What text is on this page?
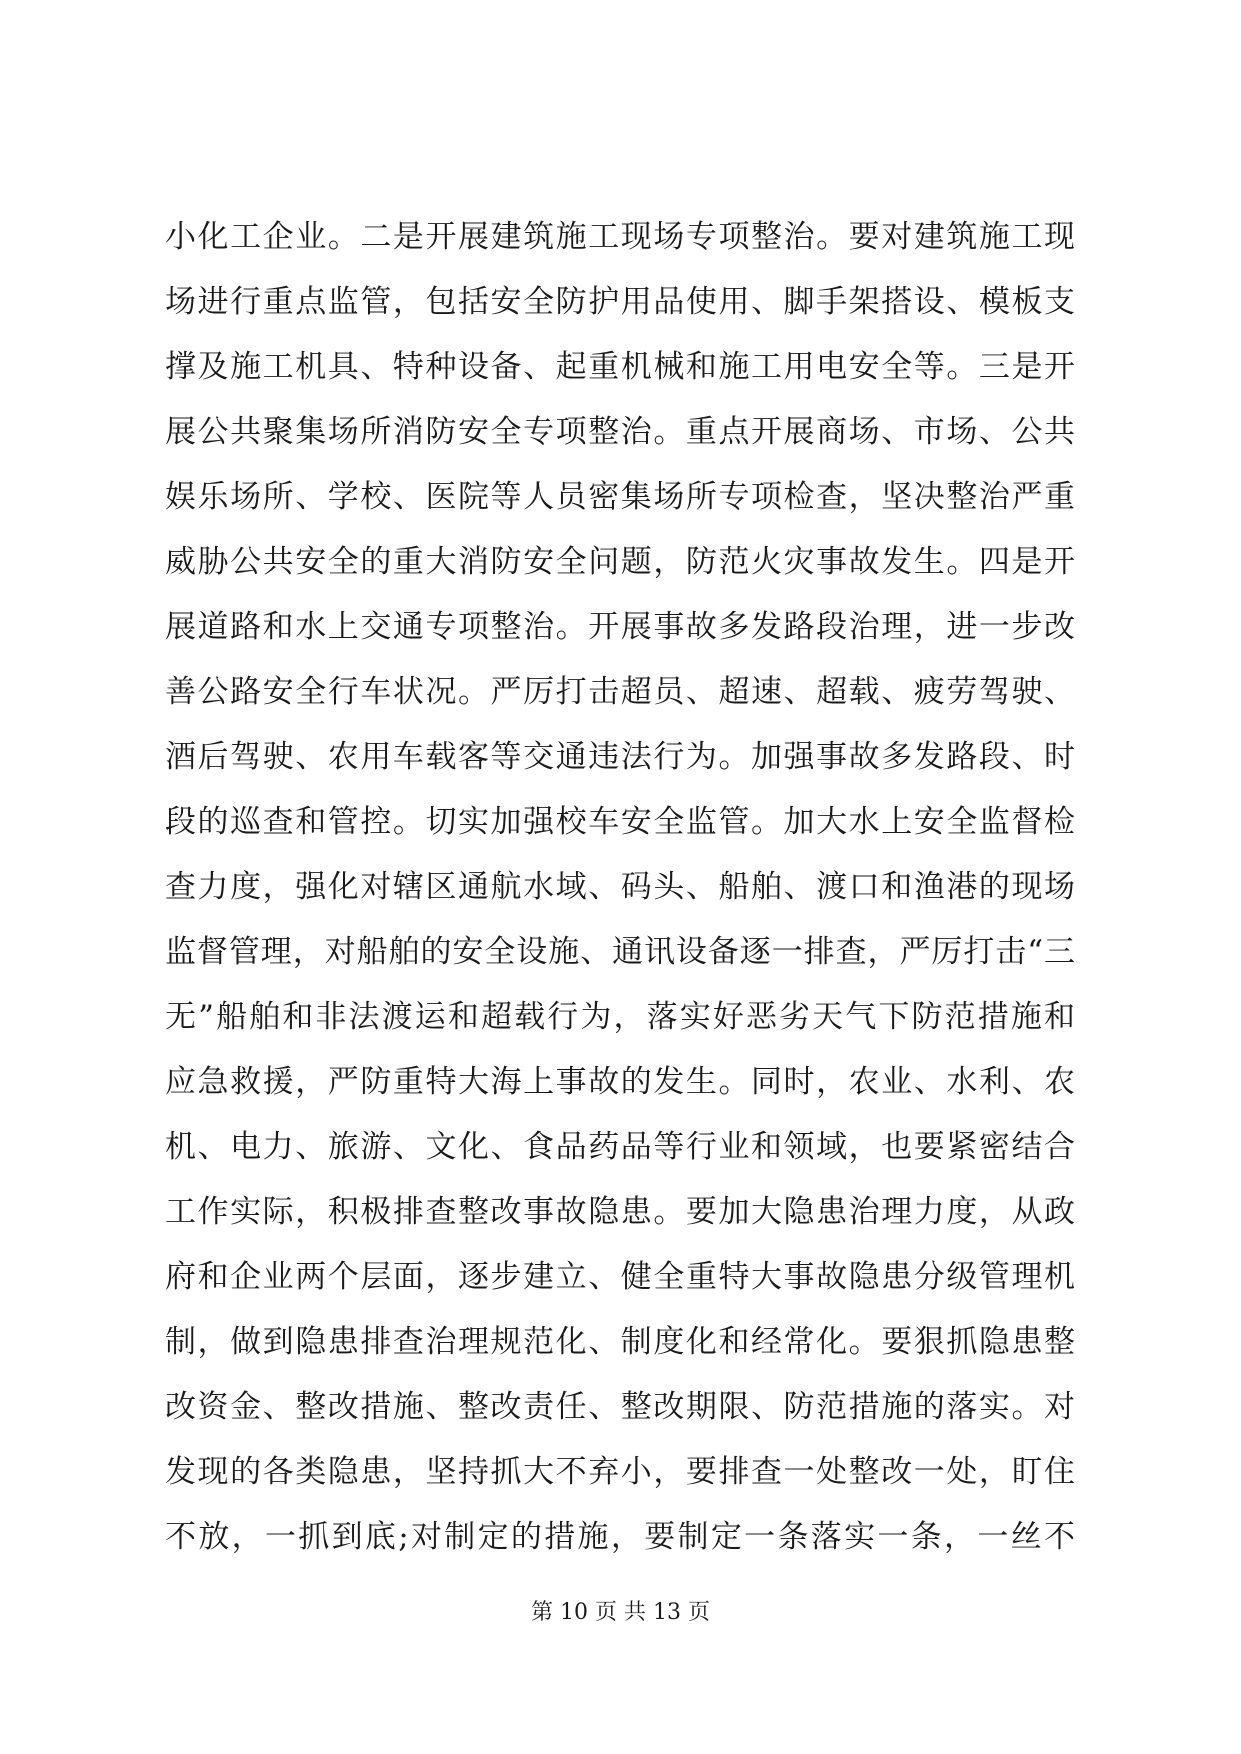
小化工企业。二是开展建筑施工现场专项整治。要对建筑施工现
场进行重点监管，包括安全防护用品使用、脚手架搭设、模板支
撑及施工机具、特种设备、起重机械和施工用电安全等。三是开
展公共聚集场所消防安全专项整治。重点开展商场、市场、公共
娱乐场所、学校、医院等人员密集场所专项检查，坚决整治严重
威胁公共安全的重大消防安全问题，防范火灾事故发生。四是开
展道路和水上交通专项整治。开展事故多发路段治理，进一步改
善公路安全行车状况。严厉打击超员、超速、超载、疲劳驾驶、
酒后驾驶、农用车载客等交通违法行为。加强事故多发路段、时
段的巡查和管控。切实加强校车安全监管。加大水上安全监督检
查力度，强化对辖区通航水域、码头、船舶、渡口和渔港的现场
监督管理，对船舶的安全设施、通讯设备逐一排查，严厉打击“三
无”船舶和非法渡运和超载行为，落实好恶劣天气下防范措施和
应急救援，严防重特大海上事故的发生。同时，农业、水利、农
机、电力、旅游、文化、食品药品等行业和领域，也要紧密结合
工作实际，积极排查整改事故隐患。要加大隐患治理力度，从政
府和企业两个层面，逐步建立、健全重特大事故隐患分级管理机
制，做到隐患排查治理规范化、制度化和经常化。要狠抓隐患整
改资金、整改措施、整改责任、整改期限、防范措施的落实。对
发现的各类隐患，坚持抓大不弃小，要排查一处整改一处，盯住
不放，一抓到底;对制定的措施，要制定一条落实一条，一丝不
第 10 页 共 13 页
